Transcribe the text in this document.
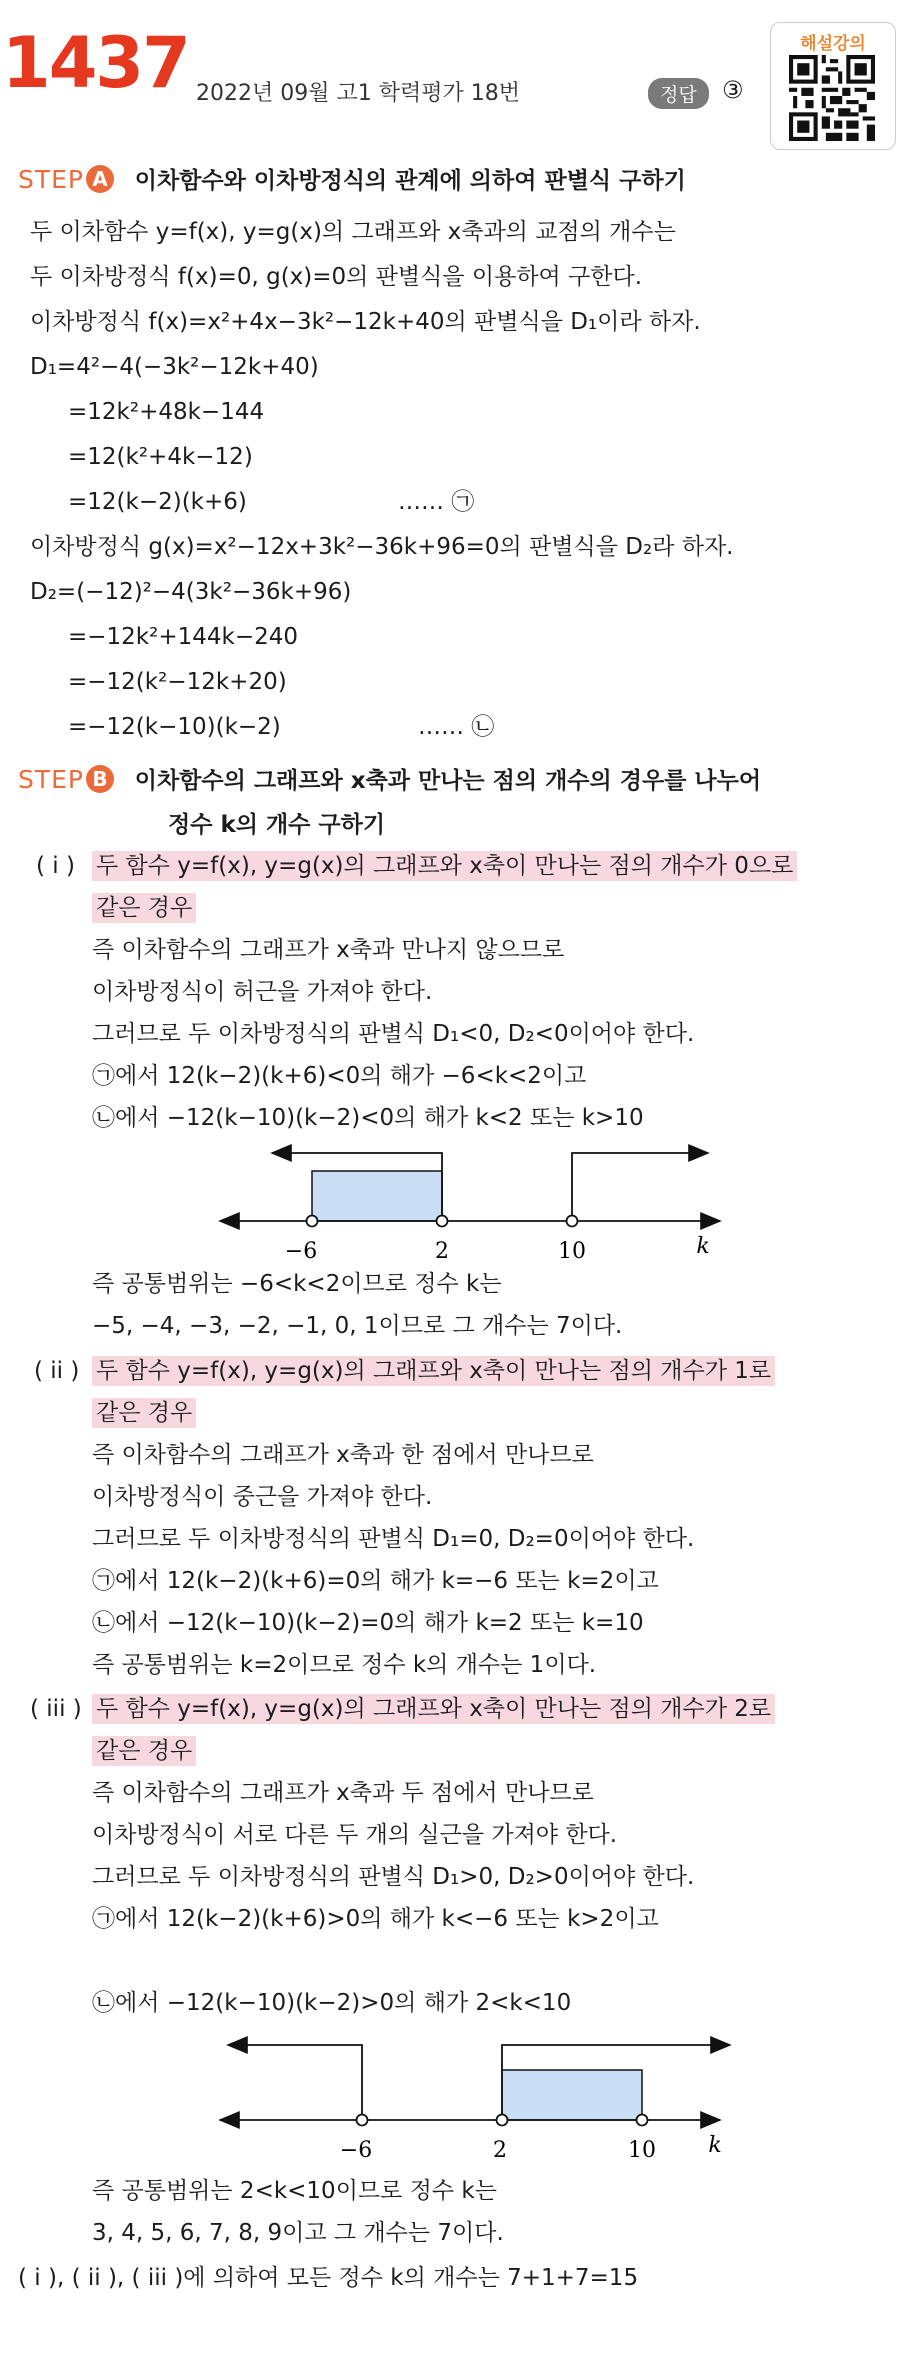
1437 2022년 09월 고1 학력평가 18번	정답	③
해설강의
STEP A 이차함수와 이차방정식의 관계에 의하여 판별식 구하기
두 이차함수 y=f(x), y=g(x)의 그래프와 x축과의 교점의 개수는
두 이차방정식 f(x)=0, g(x)=0의 판별식을 이용하여 구한다.
이차방정식 f(x)=x²+4x−3k²−12k+40의 판별식을 D₁이라 하자.
D₁=4²−4(−3k²−12k+40)
=12k²+48k−144
=12(k²+4k−12)
=12(k−2)(k+6)	…… ㉠
이차방정식 g(x)=x²−12x+3k²−36k+96=0의 판별식을 D₂라 하자.
D₂=(−12)²−4(3k²−36k+96)
=−12k²+144k−240
=−12(k²−12k+20)
=−12(k−10)(k−2)	…… ㉡
STEP B 이차함수의 그래프와 x축과 만나는 점의 개수의 경우를 나누어
정수 k의 개수 구하기
( i ) 두 함수 y=f(x), y=g(x)의 그래프와 x축이 만나는 점의 개수가 0으로
같은 경우
즉 이차함수의 그래프가 x축과 만나지 않으므로
이차방정식이 허근을 가져야 한다.
그러므로 두 이차방정식의 판별식 D₁<0, D₂<0이어야 한다.
㉠에서 12(k−2)(k+6)<0의 해가 −6<k<2이고
㉡에서 −12(k−10)(k−2)<0의 해가 k<2 또는 k>10
−6	2	10	k
즉 공통범위는 −6<k<2이므로 정수 k는
−5, −4, −3, −2, −1, 0, 1이므로 그 개수는 7이다.
( ii ) 두 함수 y=f(x), y=g(x)의 그래프와 x축이 만나는 점의 개수가 1로
같은 경우
즉 이차함수의 그래프가 x축과 한 점에서 만나므로
이차방정식이 중근을 가져야 한다.
그러므로 두 이차방정식의 판별식 D₁=0, D₂=0이어야 한다.
㉠에서 12(k−2)(k+6)=0의 해가 k=−6 또는 k=2이고
㉡에서 −12(k−10)(k−2)=0의 해가 k=2 또는 k=10
즉 공통범위는 k=2이므로 정수 k의 개수는 1이다.
( iii ) 두 함수 y=f(x), y=g(x)의 그래프와 x축이 만나는 점의 개수가 2로
같은 경우
즉 이차함수의 그래프가 x축과 두 점에서 만나므로
이차방정식이 서로 다른 두 개의 실근을 가져야 한다.
그러므로 두 이차방정식의 판별식 D₁>0, D₂>0이어야 한다.
㉠에서 12(k−2)(k+6)>0의 해가 k<−6 또는 k>2이고
㉡에서 −12(k−10)(k−2)>0의 해가 2<k<10
−6	2	10 k
즉 공통범위는 2<k<10이므로 정수 k는
3, 4, 5, 6, 7, 8, 9이고 그 개수는 7이다.
( i ), ( ii ), ( iii )에 의하여 모든 정수 k의 개수는 7+1+7=15
